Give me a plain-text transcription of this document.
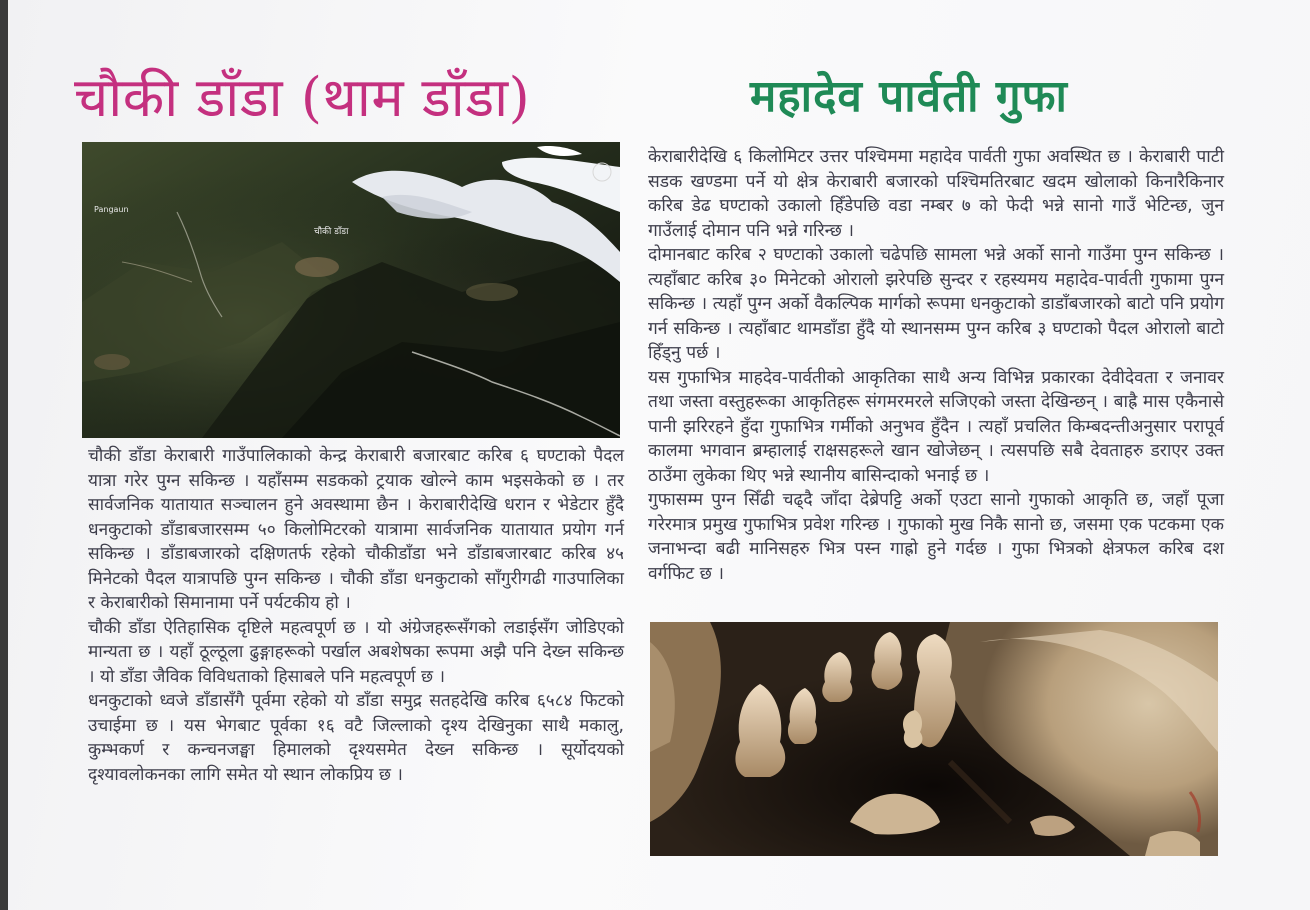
चौकी डाँडा (थाम डाँडा)	महादेव पार्वती गुफा
Pangaun
चौकी डाँडा

चौकी डाँडा केराबारी गाउँपालिकाको केन्द्र केराबारी बजारबाट करिब ६ घण्टाको पैदल यात्रा गरेर पुग्न सकिन्छ । यहाँसम्म सडकको ट्रयाक खोल्ने काम भइसकेको छ । तर सार्वजनिक यातायात सञ्चालन हुने अवस्थामा छैन । केराबारीदेखि धरान र भेडेटार हुँदै धनकुटाको डाँडाबजारसम्म ५० किलोमिटरको यात्रामा सार्वजनिक यातायात प्रयोग गर्न सकिन्छ । डाँडाबजारको दक्षिणतर्फ रहेको चौकीडाँडा भने डाँडाबजारबाट करिब ४५ मिनेटको पैदल यात्रापछि पुग्न सकिन्छ । चौकी डाँडा धनकुटाको साँगुरीगढी गाउपालिका र केराबारीको सिमानामा पर्ने पर्यटकीय हो ।

चौकी डाँडा ऐतिहासिक दृष्टिले महत्वपूर्ण छ । यो अंग्रेजहरूसँगको लडाईसँग जोडिएको मान्यता छ । यहाँ ठूल्ठूला ढुङ्गाहरूको पर्खाल अबशेषका रूपमा अझै पनि देख्न सकिन्छ । यो डाँडा जैविक विविधताको हिसाबले पनि महत्वपूर्ण छ ।

धनकुटाको ध्वजे डाँडासँगै पूर्वमा रहेको यो डाँडा समुद्र सतहदेखि करिब ६५८४ फिटको उचाईमा छ । यस भेगबाट पूर्वका १६ वटै जिल्लाको दृश्य देखिनुका साथै मकालु, कुम्भकर्ण र कन्चनजङ्घा हिमालको दृश्यसमेत देख्न सकिन्छ । सूर्योदयको दृश्यावलोकनका लागि समेत यो स्थान लोकप्रिय छ ।

केराबारीदेखि ६ किलोमिटर उत्तर पश्चिममा महादेव पार्वती गुफा अवस्थित छ । केराबारी पाटी सडक खण्डमा पर्ने यो क्षेत्र केराबारी बजारको पश्चिमतिरबाट खदम खोलाको किनारैकिनार करिब डेढ घण्टाको उकालो हिँडेपछि वडा नम्बर ७ को फेदी भन्ने सानो गाउँ भेटिन्छ, जुन गाउँलाई दोमान पनि भन्ने गरिन्छ ।

दोमानबाट करिब २ घण्टाको उकालो चढेपछि सामला भन्ने अर्को सानो गाउँमा पुग्न सकिन्छ । त्यहाँबाट करिब ३० मिनेटको ओरालो झरेपछि सुन्दर र रहस्यमय महादेव-पार्वती गुफामा पुग्न सकिन्छ । त्यहाँ पुग्न अर्को वैकल्पिक मार्गको रूपमा धनकुटाको डाडाँबजारको बाटो पनि प्रयोग गर्न सकिन्छ । त्यहाँबाट थामडाँडा हुँदै यो स्थानसम्म पुग्न करिब ३ घण्टाको पैदल ओरालो बाटो हिँड्नु पर्छ ।

यस गुफाभित्र माहदेव-पार्वतीको आकृतिका साथै अन्य विभिन्न प्रकारका देवीदेवता र जनावर तथा जस्ता वस्तुहरूका आकृतिहरू संगमरमरले सजिएको जस्ता देखिन्छन् । बाह्रै मास एकैनासे पानी झरिरहने हुँदा गुफाभित्र गर्मीको अनुभव हुँदैन । त्यहाँ प्रचलित किम्बदन्तीअनुसार परापूर्व कालमा भगवान ब्रम्हालाई राक्षसहरूले खान खोजेछन् । त्यसपछि सबै देवताहरु डराएर उक्त ठाउँमा लुकेका थिए भन्ने स्थानीय बासिन्दाको भनाई छ ।

गुफासम्म पुग्न सिँढी चढ्दै जाँदा देब्रेपट्टि अर्को एउटा सानो गुफाको आकृति छ, जहाँ पूजा गरेरमात्र प्रमुख गुफाभित्र प्रवेश गरिन्छ । गुफाको मुख निकै सानो छ, जसमा एक पटकमा एक जनाभन्दा बढी मानिसहरु भित्र पस्न गाह्रो हुने गर्दछ । गुफा भित्रको क्षेत्रफल करिब दश वर्गफिट छ ।
